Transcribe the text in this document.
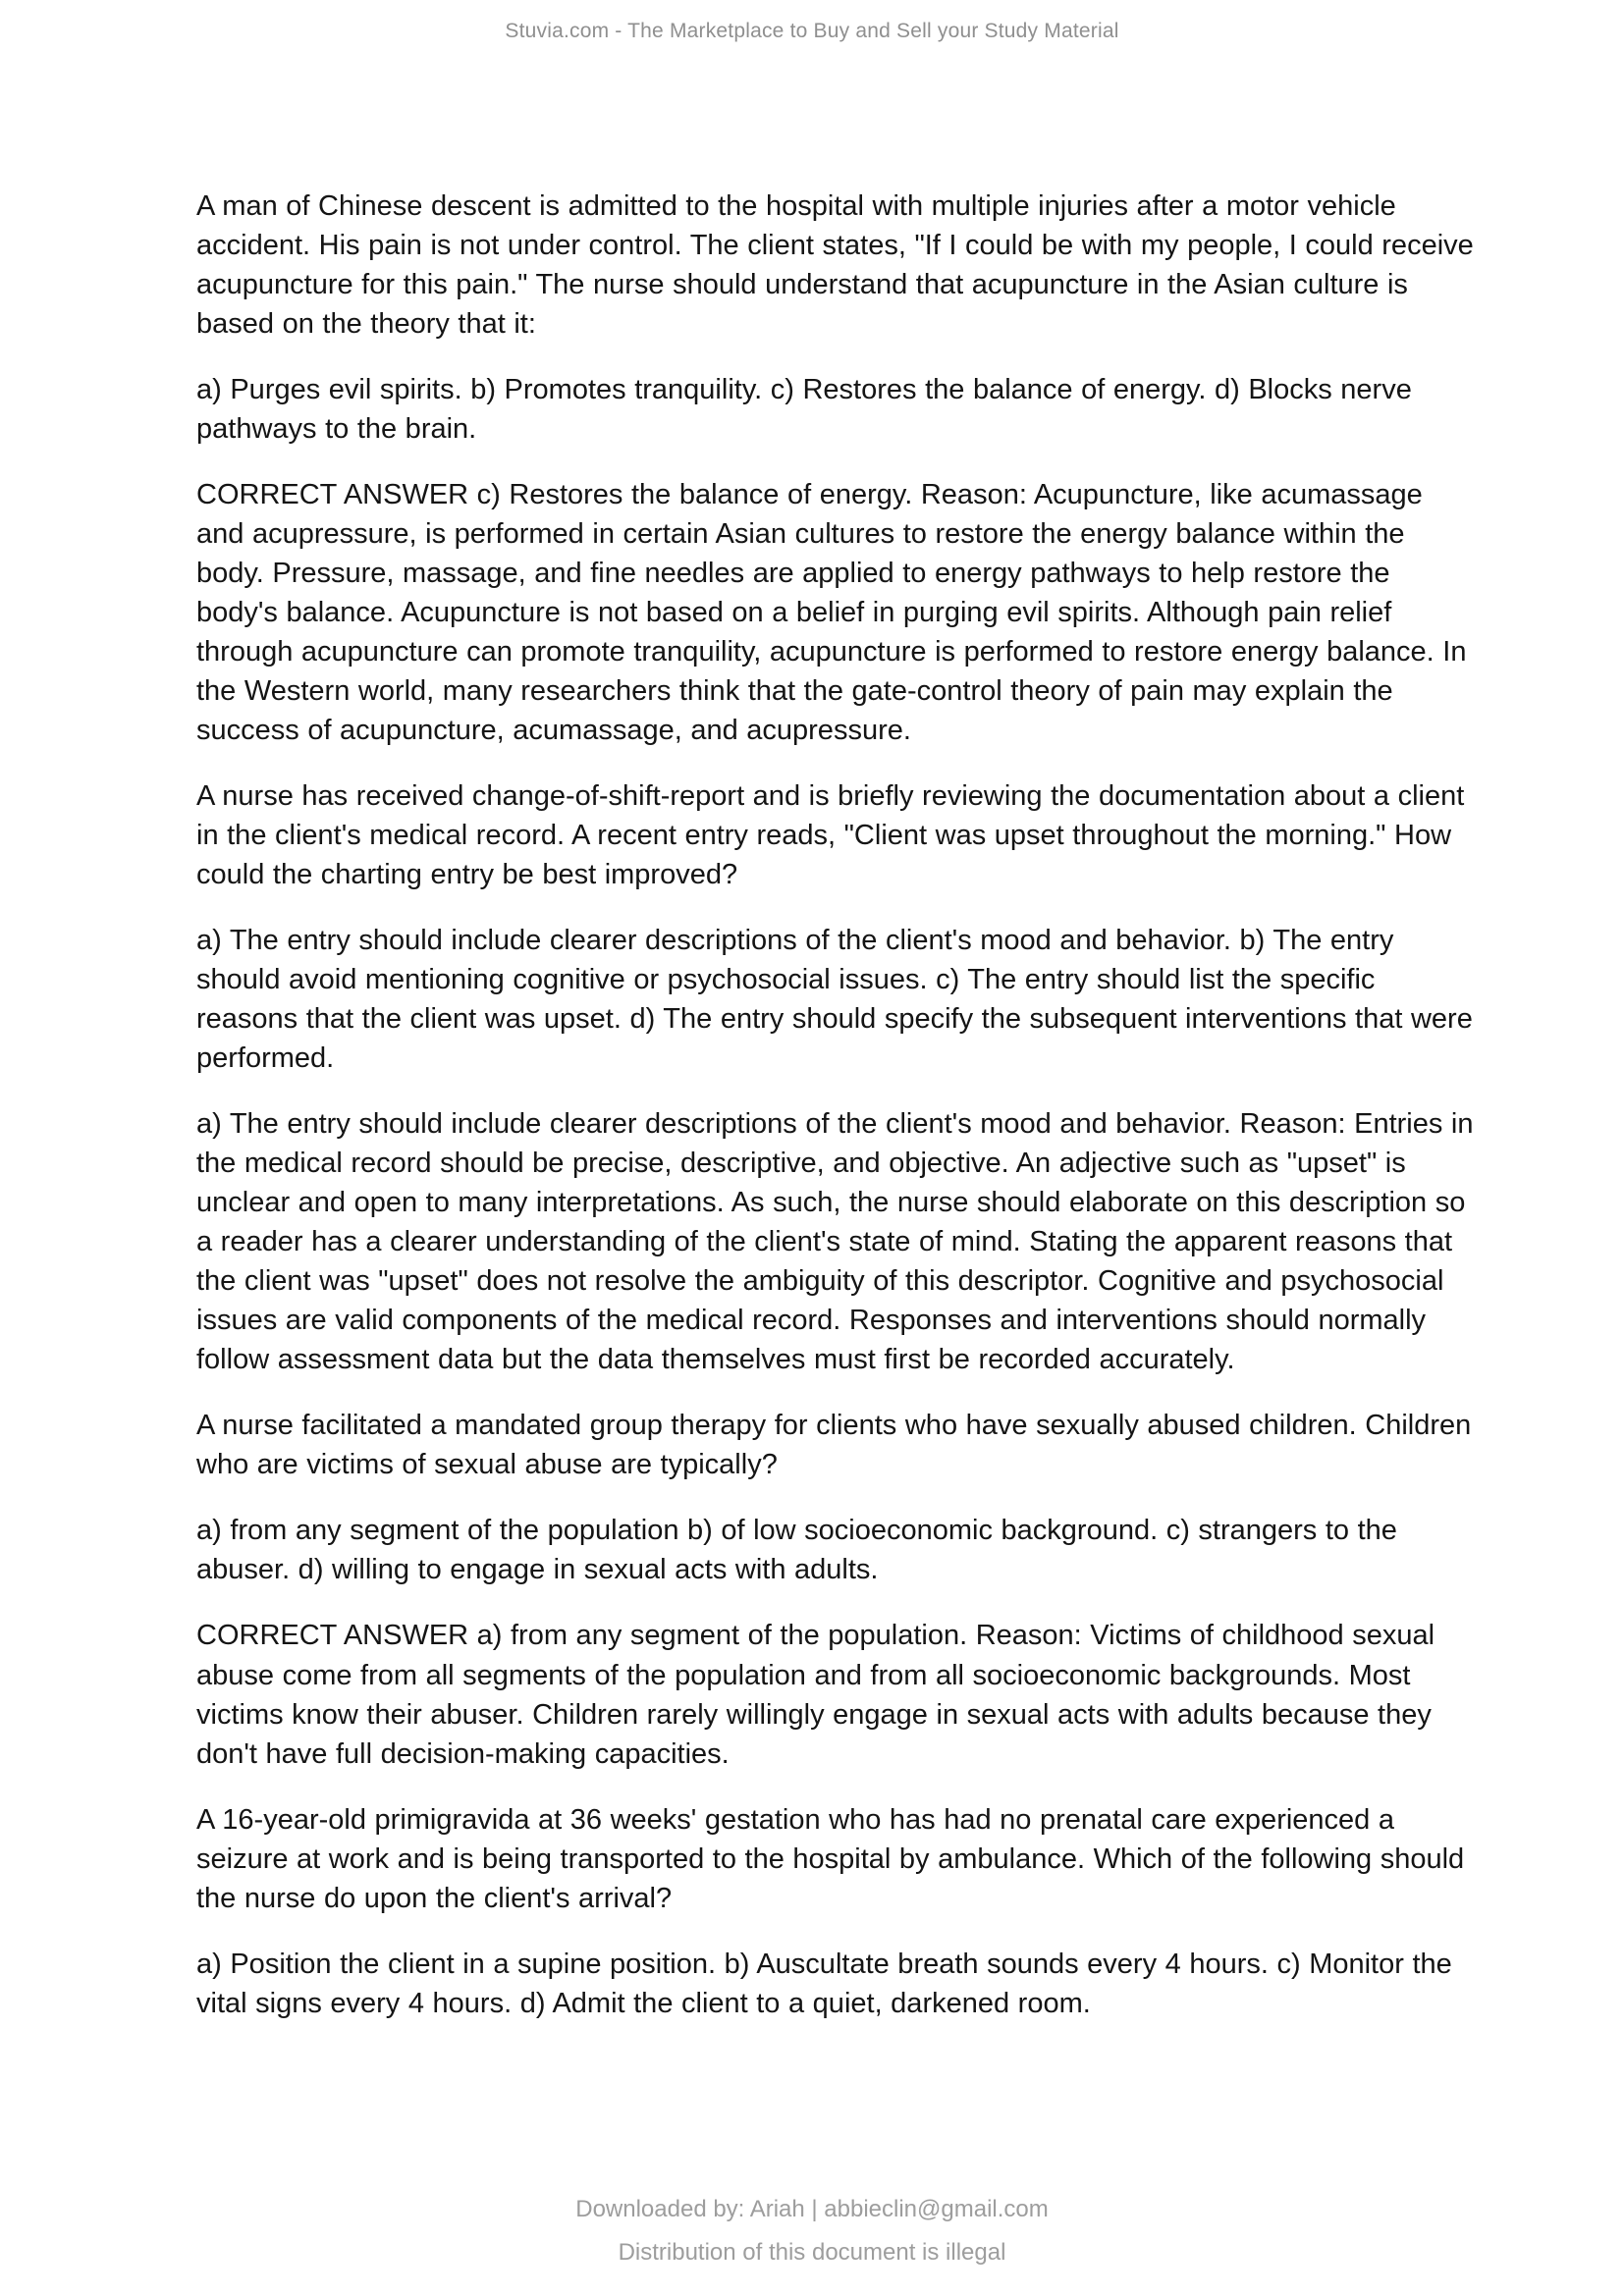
Stuvia.com - The Marketplace to Buy and Sell your Study Material

A man of Chinese descent is admitted to the hospital with multiple injuries after a motor vehicle accident. His pain is not under control. The client states, "If I could be with my people, I could receive acupuncture for this pain." The nurse should understand that acupuncture in the Asian culture is based on the theory that it:

a) Purges evil spirits. b) Promotes tranquility. c) Restores the balance of energy. d) Blocks nerve pathways to the brain.

CORRECT ANSWER c) Restores the balance of energy. Reason: Acupuncture, like acumassage and acupressure, is performed in certain Asian cultures to restore the energy balance within the body. Pressure, massage, and fine needles are applied to energy pathways to help restore the body's balance. Acupuncture is not based on a belief in purging evil spirits. Although pain relief through acupuncture can promote tranquility, acupuncture is performed to restore energy balance. In the Western world, many researchers think that the gate-control theory of pain may explain the success of acupuncture, acumassage, and acupressure.

A nurse has received change-of-shift-report and is briefly reviewing the documentation about a client in the client's medical record. A recent entry reads, "Client was upset throughout the morning." How could the charting entry be best improved?

a) The entry should include clearer descriptions of the client's mood and behavior. b) The entry should avoid mentioning cognitive or psychosocial issues. c) The entry should list the specific reasons that the client was upset. d) The entry should specify the subsequent interventions that were performed.

a) The entry should include clearer descriptions of the client's mood and behavior. Reason: Entries in the medical record should be precise, descriptive, and objective. An adjective such as "upset" is unclear and open to many interpretations. As such, the nurse should elaborate on this description so a reader has a clearer understanding of the client's state of mind. Stating the apparent reasons that the client was "upset" does not resolve the ambiguity of this descriptor. Cognitive and psychosocial issues are valid components of the medical record. Responses and interventions should normally follow assessment data but the data themselves must first be recorded accurately.

A nurse facilitated a mandated group therapy for clients who have sexually abused children. Children who are victims of sexual abuse are typically?

a) from any segment of the population b) of low socioeconomic background. c) strangers to the abuser. d) willing to engage in sexual acts with adults.

CORRECT ANSWER a) from any segment of the population. Reason: Victims of childhood sexual abuse come from all segments of the population and from all socioeconomic backgrounds. Most victims know their abuser. Children rarely willingly engage in sexual acts with adults because they don't have full decision-making capacities.

A 16-year-old primigravida at 36 weeks' gestation who has had no prenatal care experienced a seizure at work and is being transported to the hospital by ambulance. Which of the following should the nurse do upon the client's arrival?

a) Position the client in a supine position. b) Auscultate breath sounds every 4 hours. c) Monitor the vital signs every 4 hours. d) Admit the client to a quiet, darkened room.

Downloaded by: Ariah | abbieclin@gmail.com
Distribution of this document is illegal
